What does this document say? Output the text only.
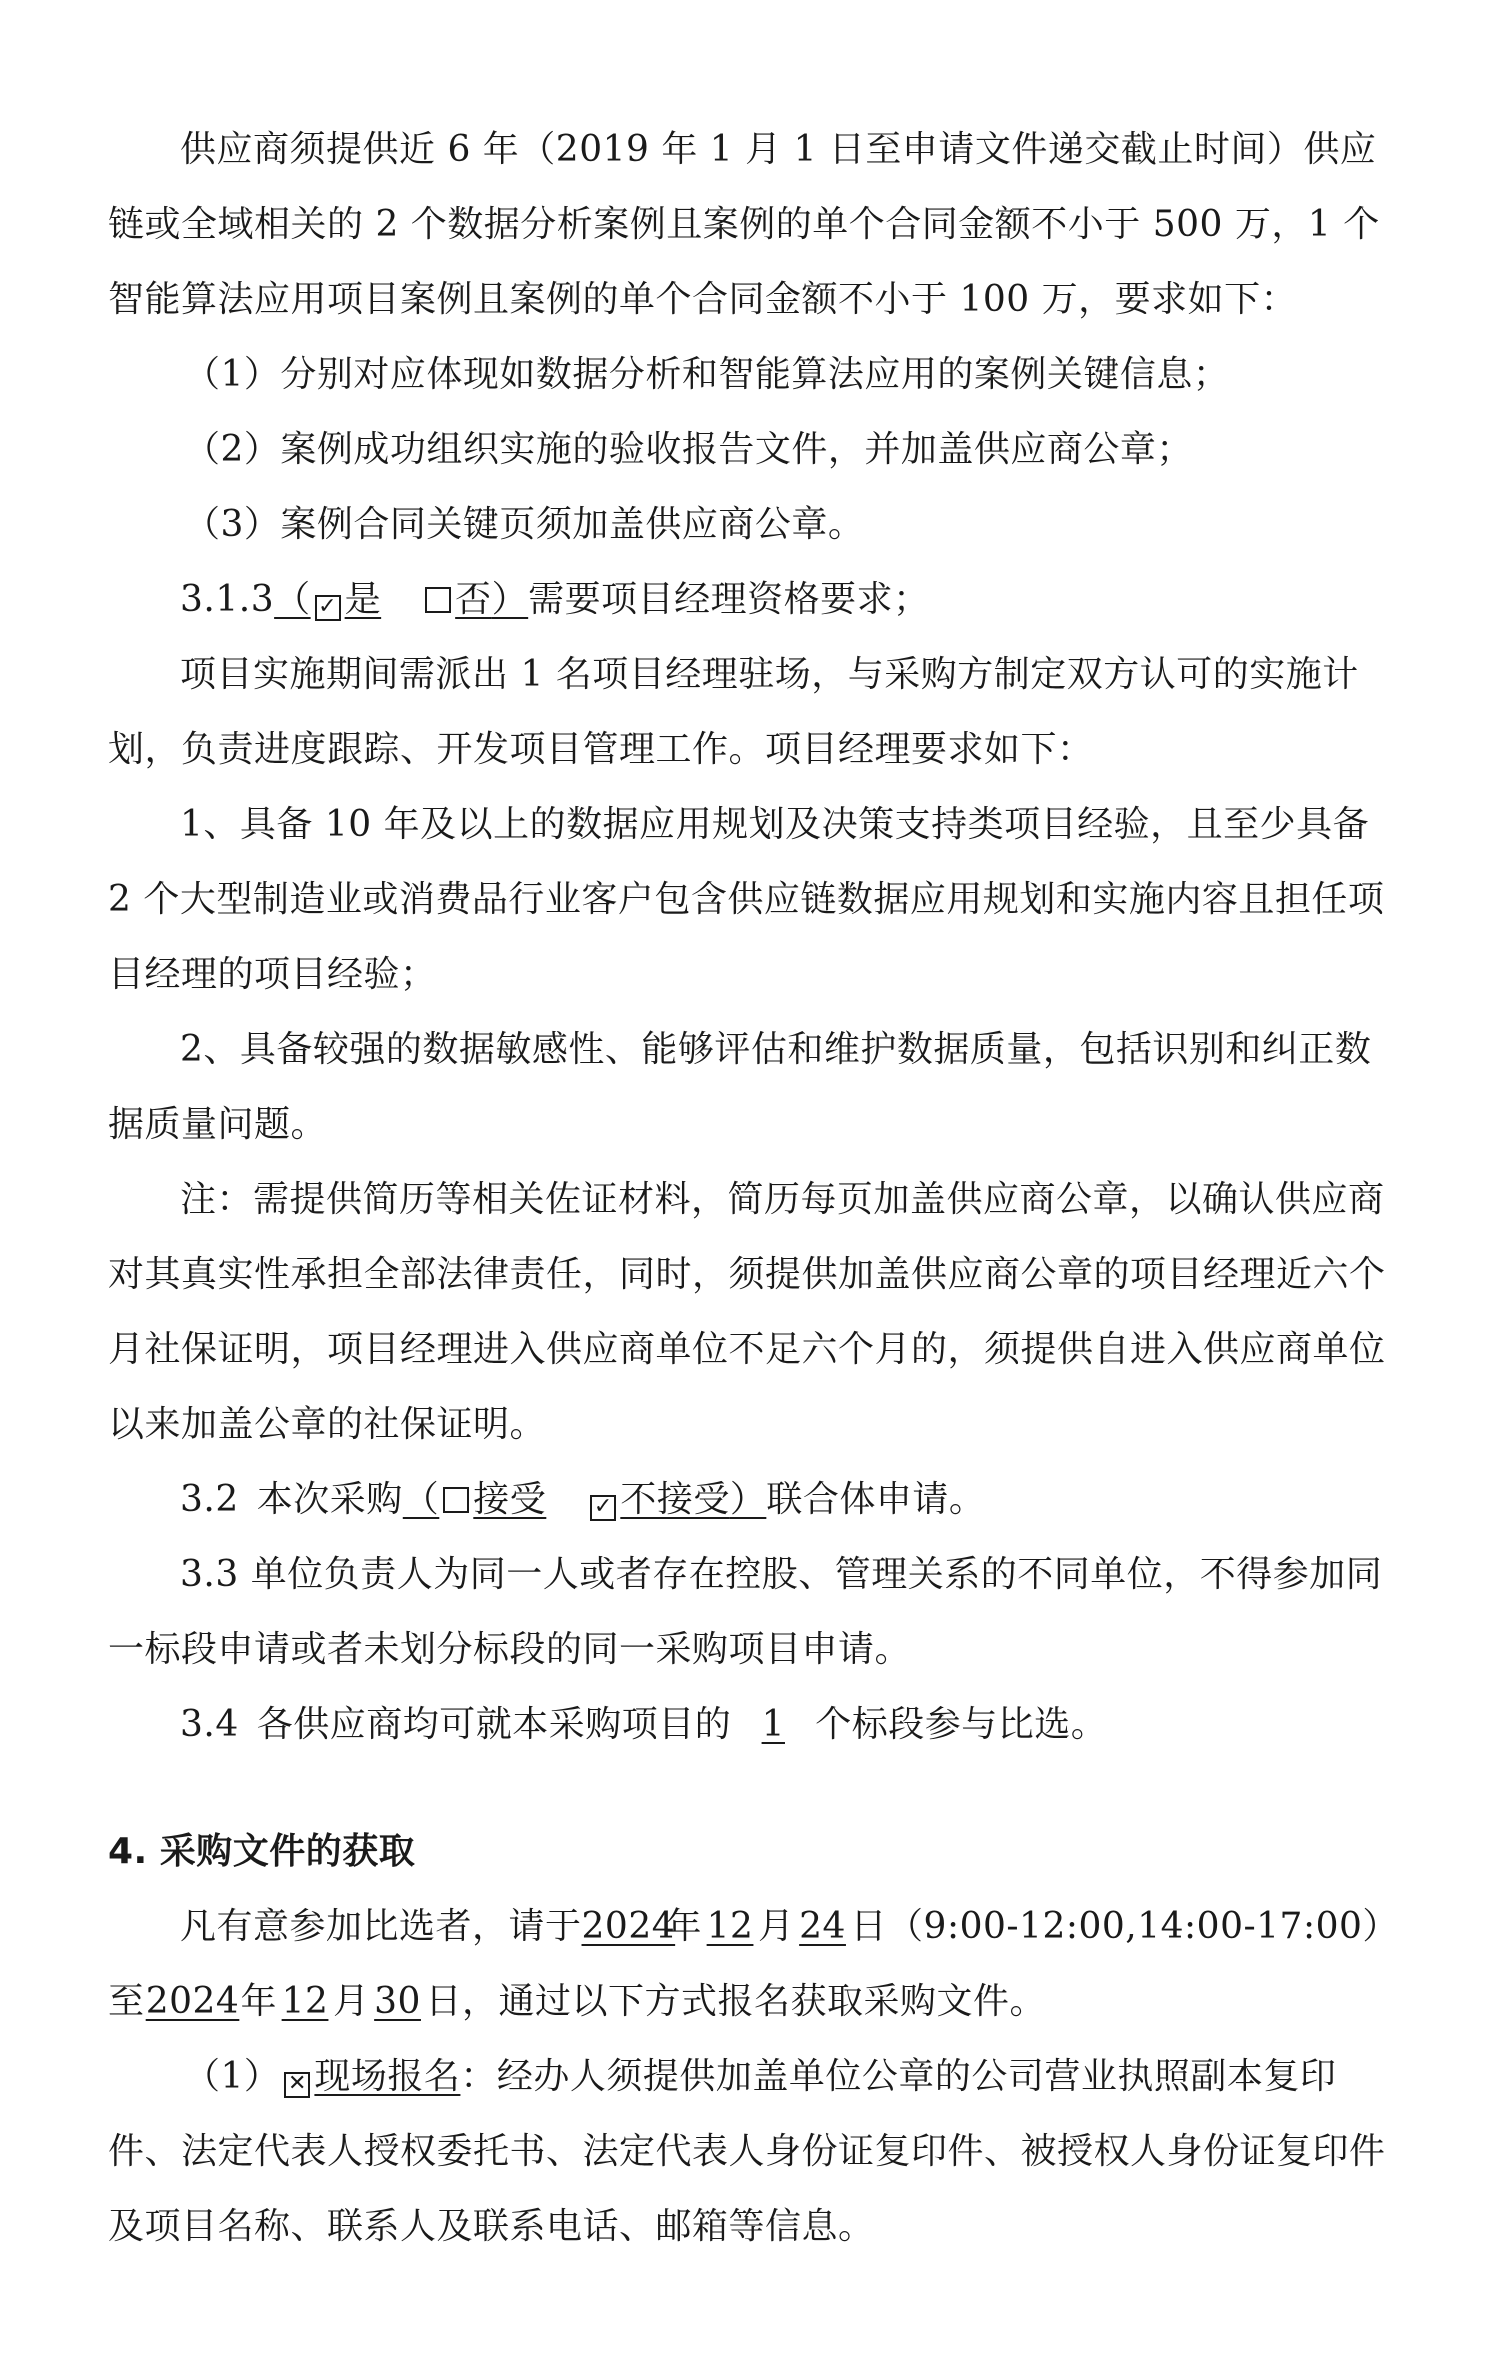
供应商须提供近 6 年（2019 年 1 月 1 日至申请文件递交截止时间）供应链或全域相关的 2 个数据分析案例且案例的单个合同金额不小于 500 万，1 个智能算法应用项目案例且案例的单个合同金额不小于 100 万，要求如下：

（1）分别对应体现如数据分析和智能算法应用的案例关键信息；

（2）案例成功组织实施的验收报告文件，并加盖供应商公章；

（3）案例合同关键页须加盖供应商公章。

3.1.3（ ✓ 是 否）需要项目经理资格要求；

项目实施期间需派出 1 名项目经理驻场，与采购方制定双方认可的实施计划，负责进度跟踪、开发项目管理工作。项目经理要求如下：

1、具备 10 年及以上的数据应用规划及决策支持类项目经验，且至少具备 2 个大型制造业或消费品行业客户包含供应链数据应用规划和实施内容且担任项目经理的项目经验；

2、具备较强的数据敏感性、能够评估和维护数据质量，包括识别和纠正数据质量问题。

注：需提供简历等相关佐证材料，简历每页加盖供应商公章，以确认供应商对其真实性承担全部法律责任，同时，须提供加盖供应商公章的项目经理近六个月社保证明，项目经理进入供应商单位不足六个月的，须提供自进入供应商单位以来加盖公章的社保证明。

3.2 本次采购（ 接受 ✓ 不接受）联合体申请。

3.3 单位负责人为同一人或者存在控股、管理关系的不同单位，不得参加同一标段申请或者未划分标段的同一采购项目申请。

3.4 各供应商均可就本采购项目的 1 个标段参与比选。

4. 采购文件的获取

凡有意参加比选者，请于2024年 12 月 24 日（9:00-12:00,14:00-17:00）至2024年 12 月 30 日，通过以下方式报名获取采购文件。

（1） ✕ 现场报名：经办人须提供加盖单位公章的公司营业执照副本复印件、法定代表人授权委托书、法定代表人身份证复印件、被授权人身份证复印件及项目名称、联系人及联系电话、邮箱等信息。
